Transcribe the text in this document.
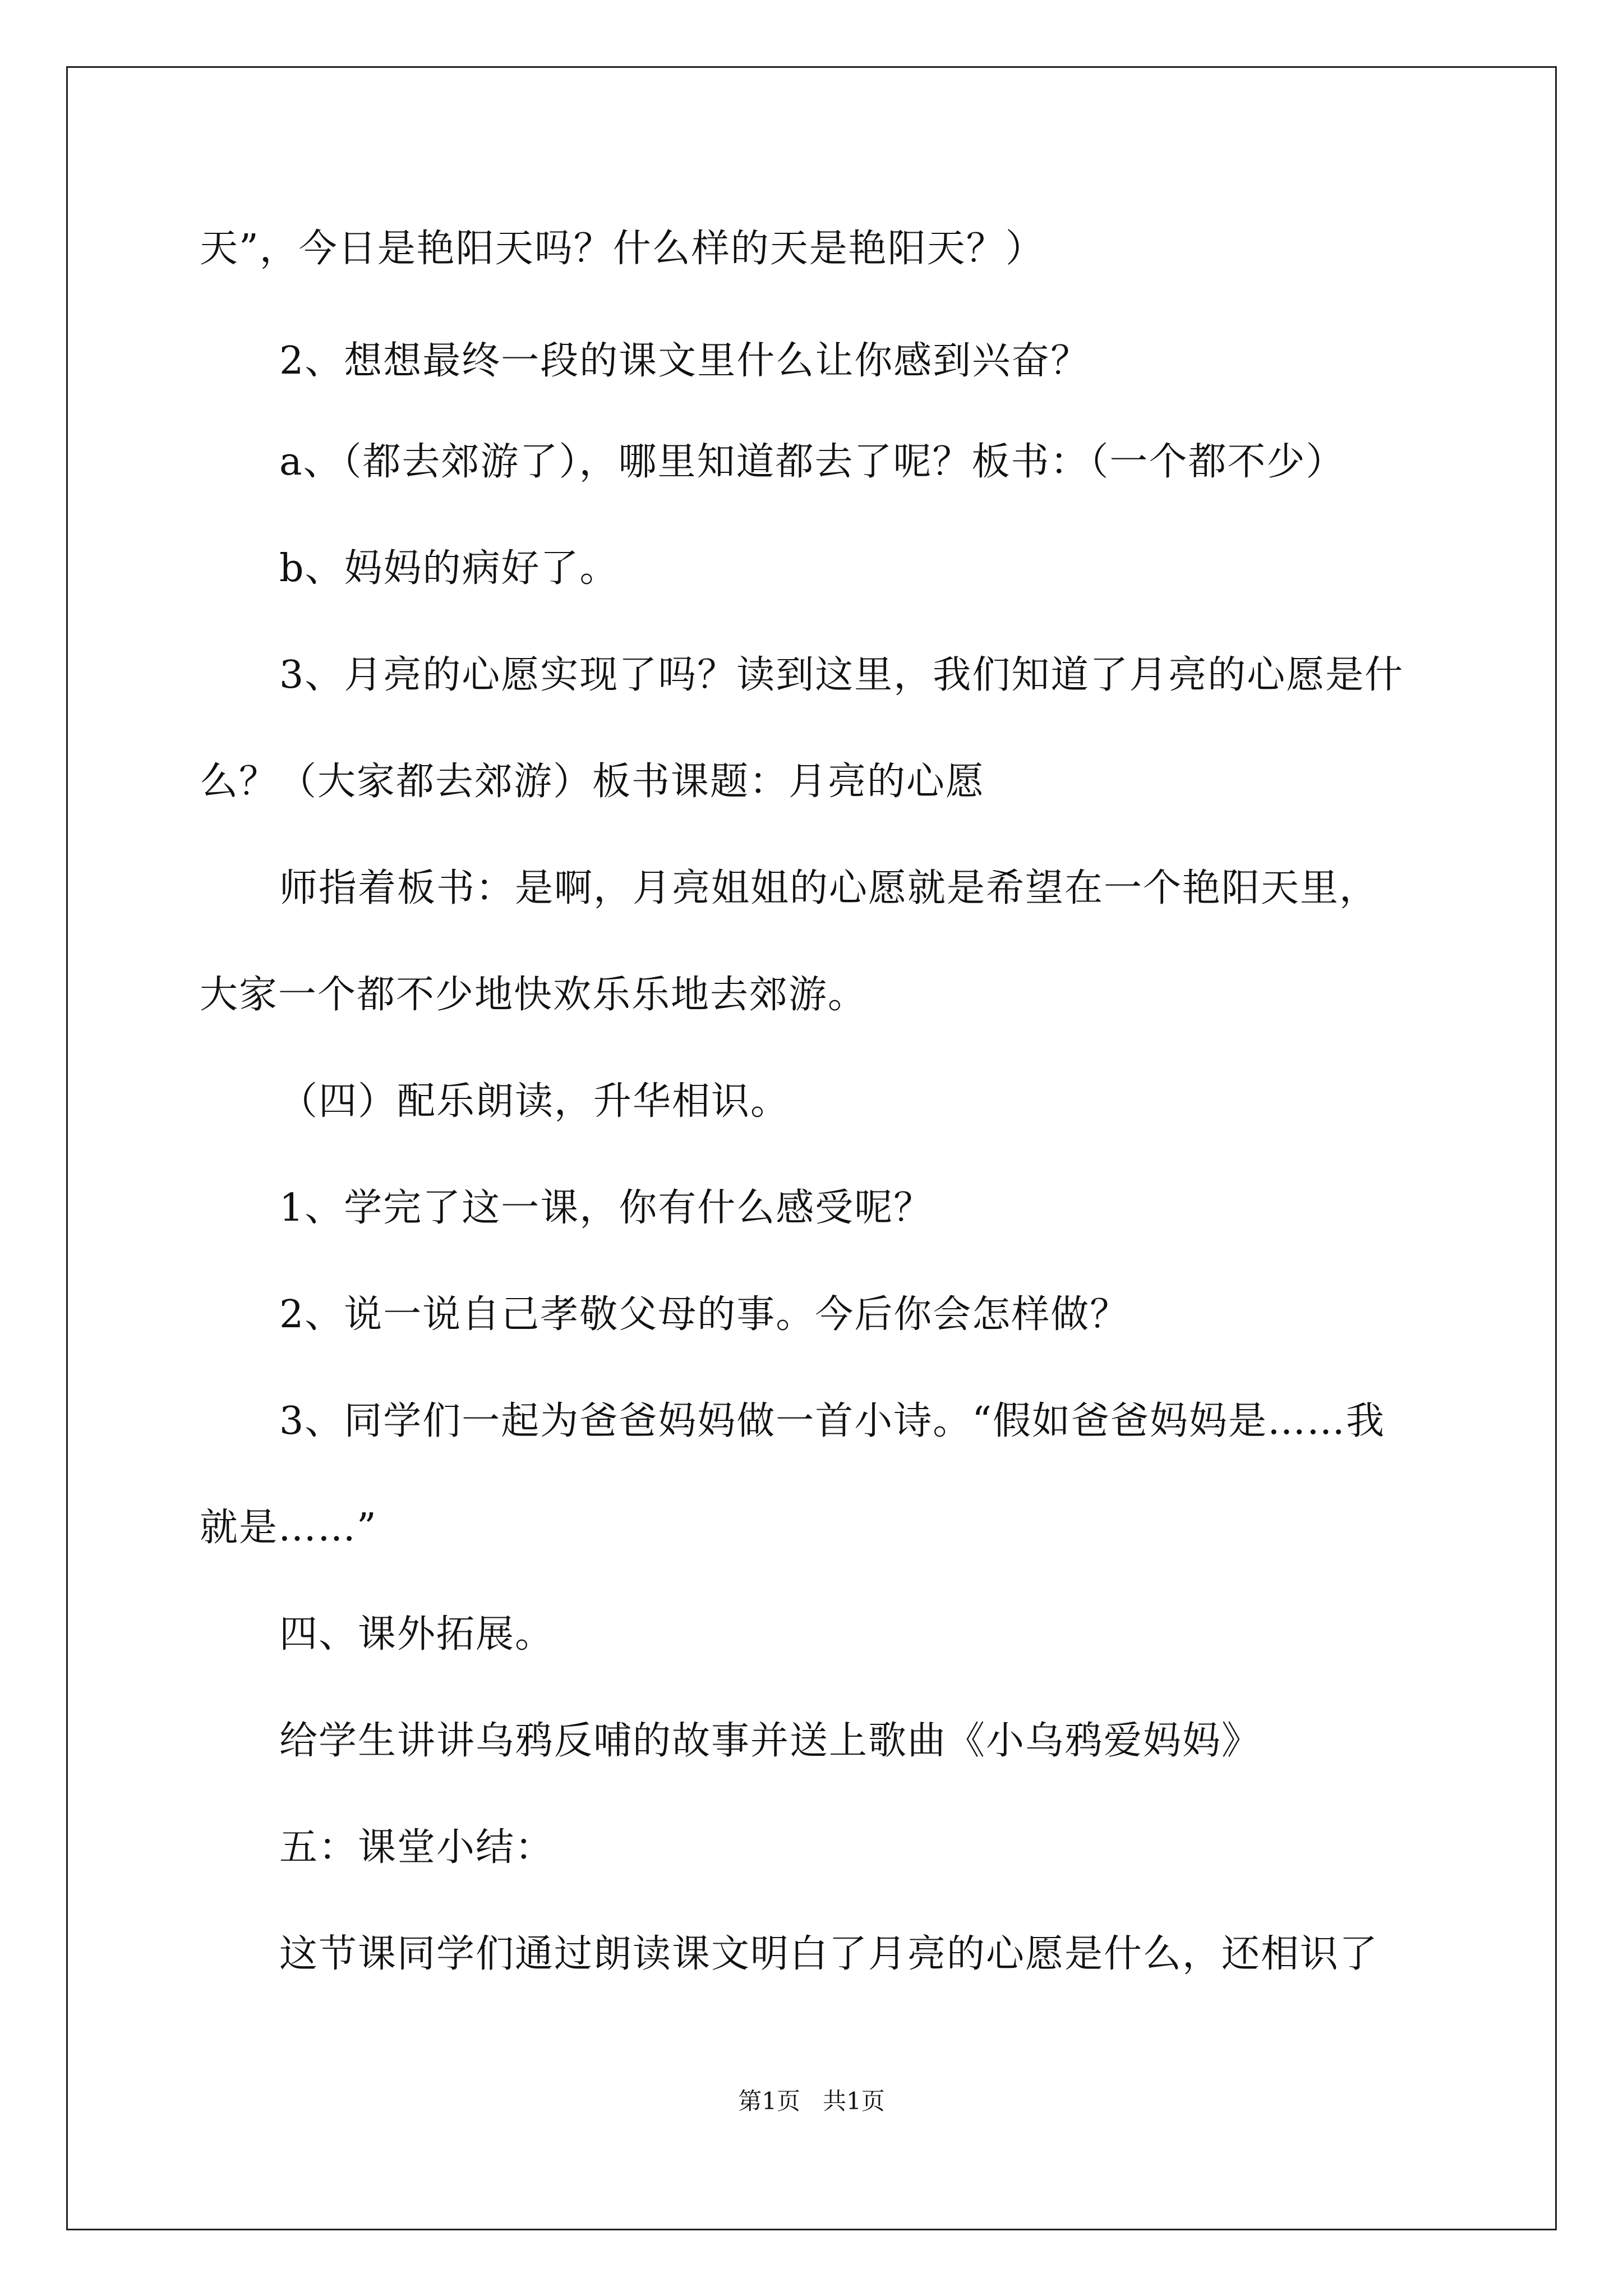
天”，今日是艳阳天吗？什么样的天是艳阳天？）
2、想想最终一段的课文里什么让你感到兴奋？
a、（都去郊游了），哪里知道都去了呢？板书：（一个都不少）
b、妈妈的病好了。
3、月亮的心愿实现了吗？读到这里，我们知道了月亮的心愿是什
么？（大家都去郊游）板书课题：月亮的心愿
师指着板书：是啊，月亮姐姐的心愿就是希望在一个艳阳天里，
大家一个都不少地快欢乐乐地去郊游。
（四）配乐朗读，升华相识。
1、学完了这一课，你有什么感受呢？
2、说一说自己孝敬父母的事。今后你会怎样做？
3、同学们一起为爸爸妈妈做一首小诗。“假如爸爸妈妈是……我
就是……”
四、课外拓展。
给学生讲讲乌鸦反哺的故事并送上歌曲《小乌鸦爱妈妈》
五：课堂小结：
这节课同学们通过朗读课文明白了月亮的心愿是什么，还相识了
第1页   共1页
